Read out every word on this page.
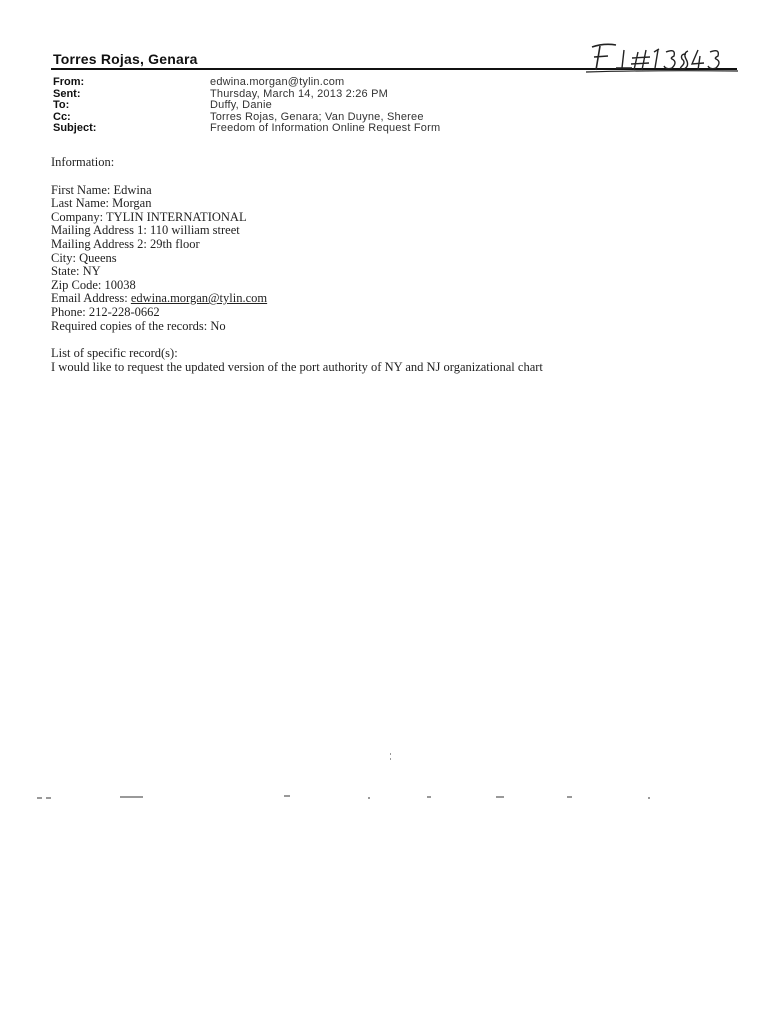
Torres Rojas, Genara
From:	edwina.morgan@tylin.com
Sent:	Thursday, March 14, 2013 2:26 PM
To:	Duffy, Danie
Cc:	Torres Rojas, Genara; Van Duyne, Sheree
Subject:	Freedom of Information Online Request Form
Information:
First Name: Edwina
Last Name: Morgan
Company: TYLIN INTERNATIONAL
Mailing Address 1: 110 william street
Mailing Address 2: 29th floor
City: Queens
State: NY
Zip Code: 10038
Email Address: edwina.morgan@tylin.com
Phone: 212-228-0662
Required copies of the records: No
List of specific record(s):
I would like to request the updated version of the port authority of NY and NJ organizational chart
